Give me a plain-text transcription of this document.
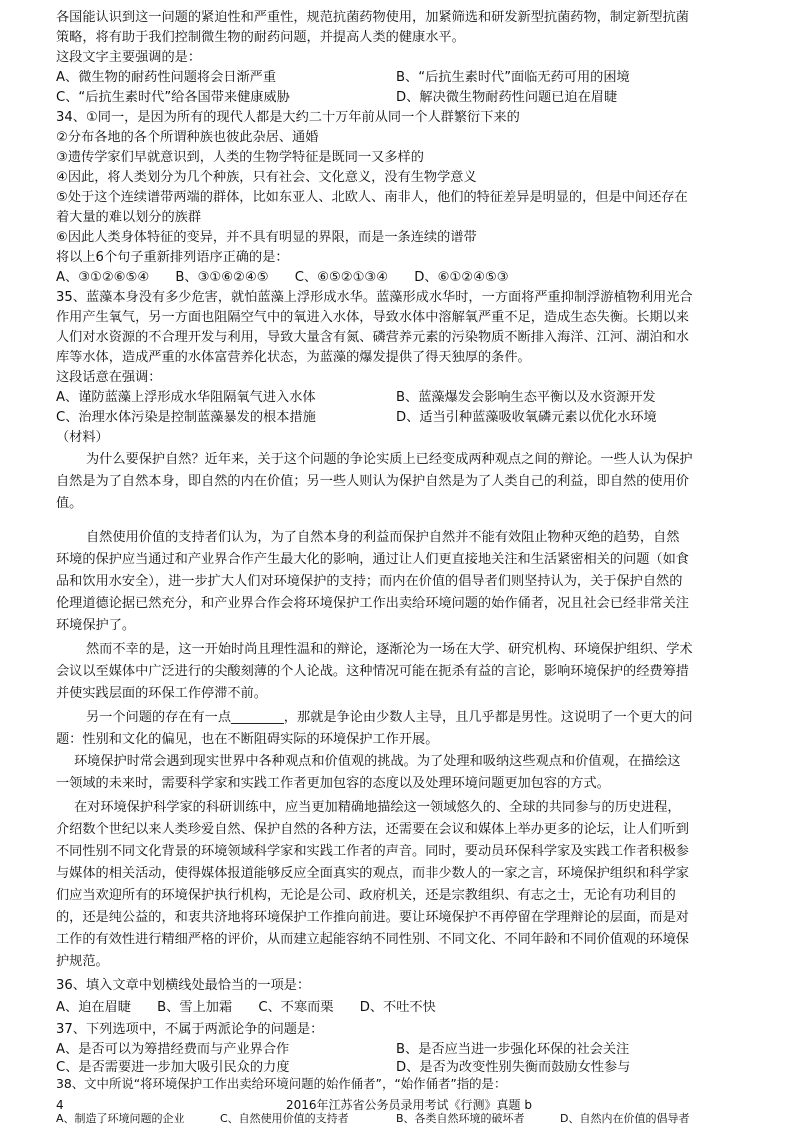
各国能认识到这一问题的紧迫性和严重性，规范抗菌药物使用，加紧筛选和研发新型抗菌药物，制定新型抗菌
策略，将有助于我们控制微生物的耐药问题，并提高人类的健康水平。
这段文字主要强调的是：
A、微生物的耐药性问题将会日渐严重	B、“后抗生素时代”面临无药可用的困境
C、“后抗生素时代”给各国带来健康威胁	D、解决微生物耐药性问题已迫在眉睫
34、①同一，是因为所有的现代人都是大约二十万年前从同一个人群繁衍下来的
②分布各地的各个所谓种族也彼此杂居、通婚
③遗传学家们早就意识到，人类的生物学特征是既同一又多样的
④因此，将人类划分为几个种族，只有社会、文化意义，没有生物学意义
⑤处于这个连续谱带两端的群体，比如东亚人、北欧人、南非人，他们的特征差异是明显的，但是中间还存在
着大量的难以划分的族群
⑥因此人类身体特征的变异，并不具有明显的界限，而是一条连续的谱带
将以上6个句子重新排列语序正确的是：
A、③①②⑥⑤④ B、③①⑥②④⑤ C、⑥⑤②①③④ D、⑥①②④⑤③
35、蓝藻本身没有多少危害，就怕蓝藻上浮形成水华。蓝藻形成水华时，一方面将严重抑制浮游植物利用光合
作用产生氧气，另一方面也阻隔空气中的氧进入水体，导致水体中溶解氧严重不足，造成生态失衡。长期以来
人们对水资源的不合理开发与利用，导致大量含有氮、磷营养元素的污染物质不断排入海洋、江河、湖泊和水
库等水体，造成严重的水体富营养化状态，为蓝藻的爆发提供了得天独厚的条件。
这段话意在强调：
A、谨防蓝藻上浮形成水华阻隔氧气进入水体	B、蓝藻爆发会影响生态平衡以及水资源开发
C、治理水体污染是控制蓝藻暴发的根本措施	D、适当引种蓝藻吸收氧磷元素以优化水环境
（材料）
为什么要保护自然？近年来，关于这个问题的争论实质上已经变成两种观点之间的辩论。一些人认为保护
自然是为了自然本身，即自然的内在价值；另一些人则认为保护自然是为了人类自己的利益，即自然的使用价
值。
自然使用价值的支持者们认为，为了自然本身的利益而保护自然并不能有效阻止物种灭绝的趋势，自然
环境的保护应当通过和产业界合作产生最大化的影响，通过让人们更直接地关注和生活紧密相关的问题（如食
品和饮用水安全），进一步扩大人们对环境保护的支持；而内在价值的倡导者们则坚持认为，关于保护自然的
伦理道德论据已然充分，和产业界合作会将环境保护工作出卖给环境问题的始作俑者，况且社会已经非常关注
环境保护了。
然而不幸的是，这一开始时尚且理性温和的辩论，逐渐沦为一场在大学、研究机构、环境保护组织、学术
会议以至媒体中广泛进行的尖酸刻薄的个人论战。这种情况可能在扼杀有益的言论，影响环境保护的经费筹措
并使实践层面的环保工作停滞不前。
另一个问题的存在有一点________，那就是争论由少数人主导，且几乎都是男性。这说明了一个更大的问
题：性别和文化的偏见，也在不断阻碍实际的环境保护工作开展。
环境保护时常会遇到现实世界中各种观点和价值观的挑战。为了处理和吸纳这些观点和价值观，在描绘这
一领域的未来时，需要科学家和实践工作者更加包容的态度以及处理环境问题更加包容的方式。
在对环境保护科学家的科研训练中，应当更加精确地描绘这一领域悠久的、全球的共同参与的历史进程，
介绍数个世纪以来人类珍爱自然、保护自然的各种方法，还需要在会议和媒体上举办更多的论坛，让人们听到
不同性别不同文化背景的环境领域科学家和实践工作者的声音。同时，要动员环保科学家及实践工作者积极参
与媒体的相关活动，使得媒体报道能够反应全面真实的观点，而非少数人的一家之言，环境保护组织和科学家
们应当欢迎所有的环境保护执行机构，无论是公司、政府机关，还是宗教组织、有志之士，无论有功利目的
的，还是纯公益的，和衷共济地将环境保护工作推向前进。要让环境保护不再停留在学理辩论的层面，而是对
工作的有效性进行精细严格的评价，从而建立起能容纳不同性别、不同文化、不同年龄和不同价值观的环境保
护规范。
36、填入文章中划横线处最恰当的一项是：
A、迫在眉睫 B、雪上加霜 C、不寒而栗 D、不吐不快
37、下列选项中，不属于两派论争的问题是：
A、是否可以为筹措经费而与产业界合作	B、是否应当进一步强化环保的社会关注
C、是否需要进一步加大吸引民众的力度	D、是否为改变性别失衡而鼓励女性参与
38、文中所说“将环境保护工作出卖给环境问题的始作俑者”，“始作俑者”指的是：
4	2016年江苏省公务员录用考试《行测》真题 b
A、制造了环境问题的企业	B、各类自然环境的破坏者
C、自然使用价值的支持者	D、自然内在价值的倡导者
